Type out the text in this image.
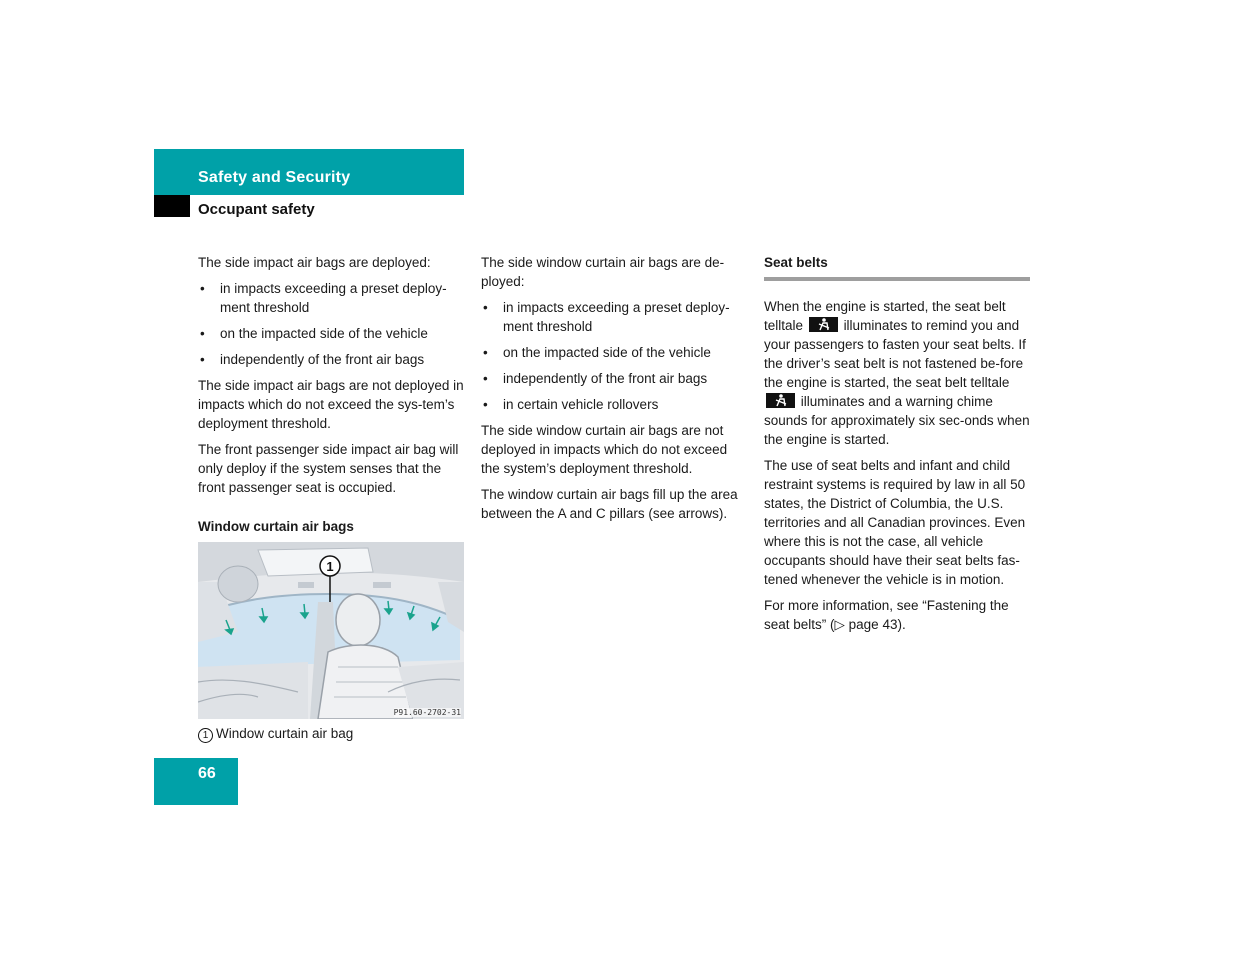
Safety and Security
Occupant safety

The side impact air bags are deployed:

• in impacts exceeding a preset deploy-ment threshold
• on the impacted side of the vehicle
• independently of the front air bags

The side impact air bags are not deployed in impacts which do not exceed the sys-tem’s deployment threshold.

The front passenger side impact air bag will only deploy if the system senses that the front passenger seat is occupied.

Window curtain air bags

1
P91.60-2702-31
1 Window curtain air bag

The side window curtain air bags are de-ployed:

• in impacts exceeding a preset deploy-ment threshold
• on the impacted side of the vehicle
• independently of the front air bags
• in certain vehicle rollovers

The side window curtain air bags are not deployed in impacts which do not exceed the system’s deployment threshold.

The window curtain air bags fill up the area between the A and C pillars (see arrows).

Seat belts

When the engine is started, the seat belt telltale	illuminates to remind you and your passengers to fasten your seat belts. If the driver’s seat belt is not fastened be-fore the engine is started, the seat belt telltale
illuminates and a warning chime sounds for approximately six sec-onds when the engine is started.

The use of seat belts and infant and child restraint systems is required by law in all 50 states, the District of Columbia, the U.S. territories and all Canadian provinces. Even where this is not the case, all vehicle occupants should have their seat belts fas-tened whenever the vehicle is in motion.

For more information, see “Fastening the seat belts” (▷ page 43).

66
